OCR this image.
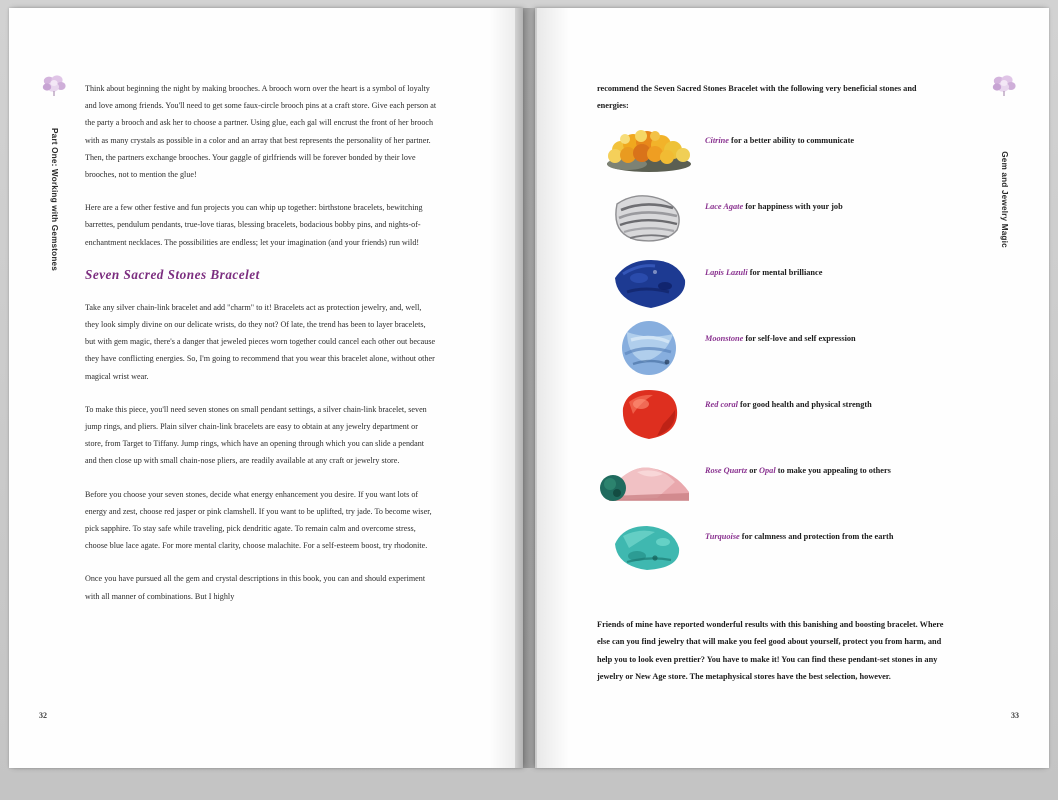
Part One: Working with Gemstones

Think about beginning the night by making brooches. A brooch worn over the heart is a symbol of loyalty and love among friends. You'll need to get some faux-circle brooch pins at a craft store. Give each person at the party a brooch and ask her to choose a partner. Using glue, each gal will encrust the front of her brooch with as many crystals as possible in a color and an array that best represents the personality of her partner. Then, the partners exchange brooches. Your gaggle of girlfriends will be forever bonded by their love brooches, not to mention the glue!

Here are a few other festive and fun projects you can whip up together: birthstone bracelets, bewitching barrettes, pendulum pendants, true-love tiaras, blessing bracelets, bodacious bobby pins, and nights-of-enchantment necklaces. The possibilities are endless; let your imagination (and your friends) run wild!

Seven Sacred Stones Bracelet

Take any silver chain-link bracelet and add "charm" to it! Bracelets act as protection jewelry, and, well, they look simply divine on our delicate wrists, do they not? Of late, the trend has been to layer bracelets, but with gem magic, there's a danger that jeweled pieces worn together could cancel each other out because they have conflicting energies. So, I'm going to recommend that you wear this bracelet alone, without other magical wrist wear.

To make this piece, you'll need seven stones on small pendant settings, a silver chain-link bracelet, seven jump rings, and pliers. Plain silver chain-link bracelets are easy to obtain at any jewelry department or store, from Target to Tiffany. Jump rings, which have an opening through which you can slide a pendant and then close up with small chain-nose pliers, are readily available at any craft or jewelry store.

Before you choose your seven stones, decide what energy enhancement you desire. If you want lots of energy and zest, choose red jasper or pink clamshell. If you want to be uplifted, try jade. To become wiser, pick sapphire. To stay safe while traveling, pick dendritic agate. To remain calm and overcome stress, choose blue lace agate. For more mental clarity, choose malachite. For a self-esteem boost, try rhodonite.

Once you have pursued all the gem and crystal descriptions in this book, you can and should experiment with all manner of combinations. But I highly

32
Gem and Jewelry Magic

recommend the Seven Sacred Stones Bracelet with the following very beneficial stones and energies:

Citrine for a better ability to communicate
Lace Agate for happiness with your job
Lapis Lazuli for mental brilliance
Moonstone for self-love and self expression
Red coral for good health and physical strength
Rose Quartz or Opal to make you appealing to others
Turquoise for calmness and protection from the earth

Friends of mine have reported wonderful results with this banishing and boosting bracelet. Where else can you find jewelry that will make you feel good about yourself, protect you from harm, and help you to look even prettier? You have to make it! You can find these pendant-set stones in any jewelry or New Age store. The metaphysical stores have the best selection, however.

33
